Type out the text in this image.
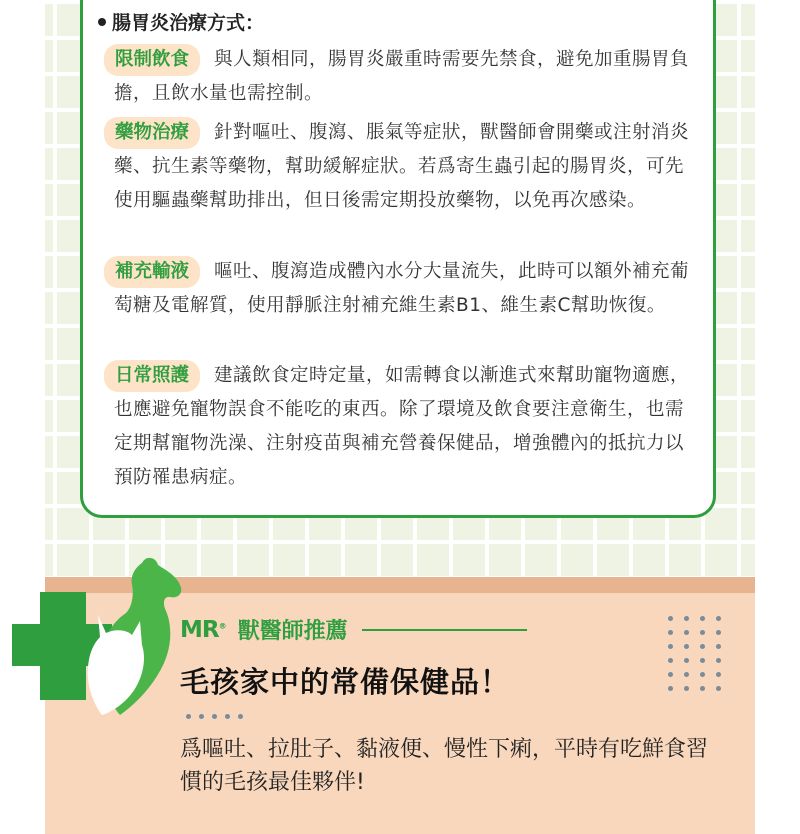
腸胃炎治療方式：
限制飲食 與人類相同，腸胃炎嚴重時需要先禁食，避免加重腸胃負擔，且飲水量也需控制。
藥物治療 針對嘔吐、腹瀉、脹氣等症狀，獸醫師會開藥或注射消炎藥、抗生素等藥物，幫助緩解症狀。若爲寄生蟲引起的腸胃炎，可先使用驅蟲藥幫助排出，但日後需定期投放藥物，以免再次感染。
補充輸液 嘔吐、腹瀉造成體內水分大量流失，此時可以額外補充葡萄糖及電解質，使用靜脈注射補充維生素B1、維生素C幫助恢復。
日常照護 建議飲食定時定量，如需轉食以漸進式來幫助寵物適應，也應避免寵物誤食不能吃的東西。除了環境及飲食要注意衛生，也需定期幫寵物洗澡、注射疫苗與補充營養保健品，增強體內的抵抗力以預防罹患病症。
MR® 獸醫師推薦
毛孩家中的常備保健品！
爲嘔吐、拉肚子、黏液便、慢性下痢，平時有吃鮮食習慣的毛孩最佳夥伴!
